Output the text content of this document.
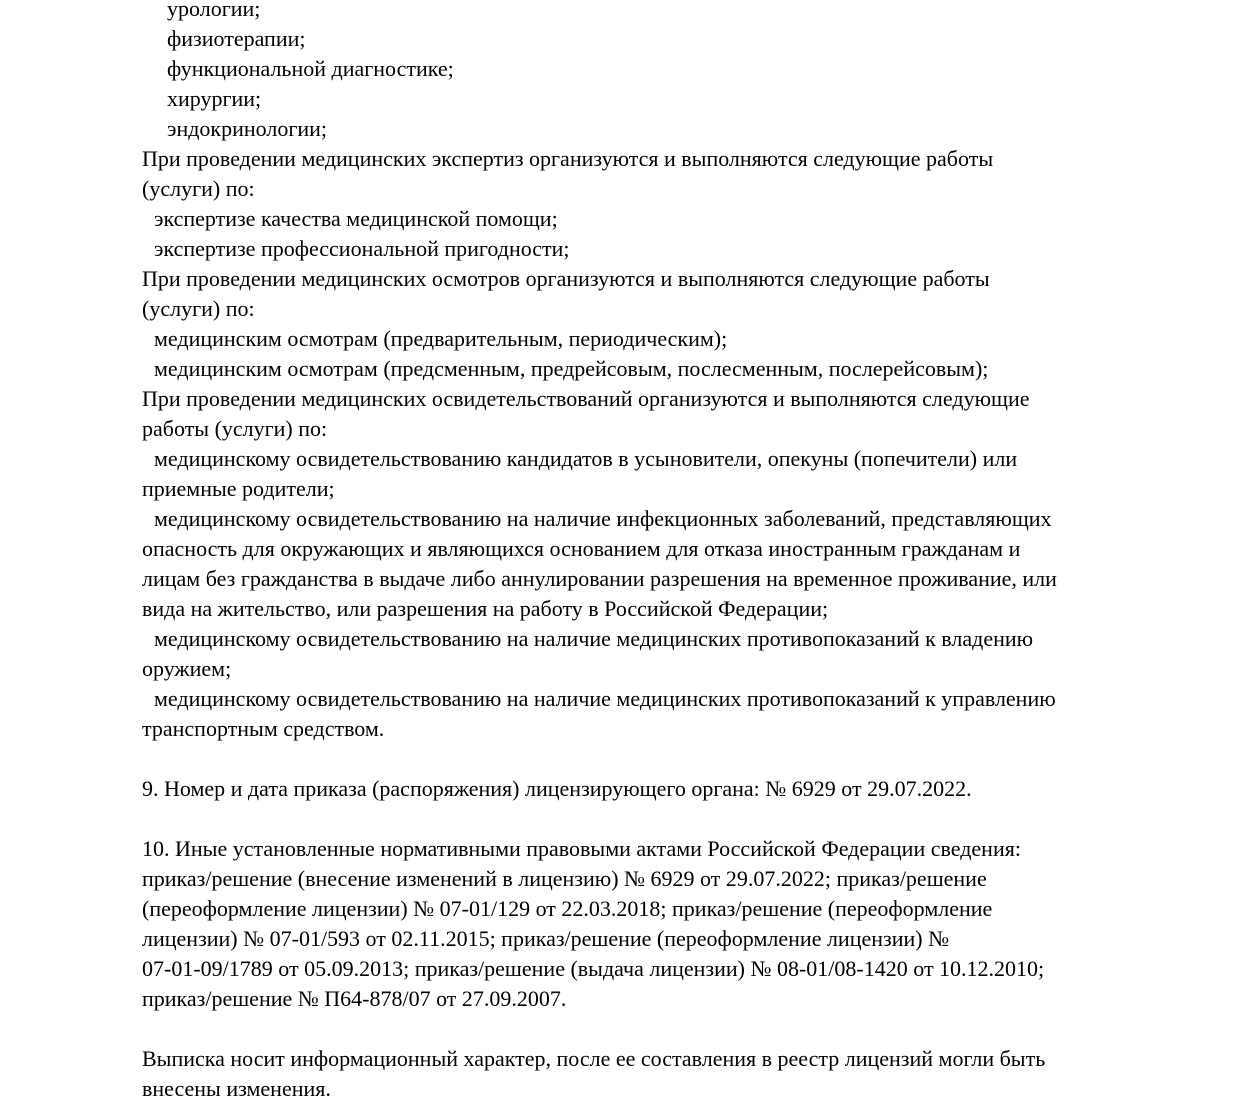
урологии;
физиотерапии;
функциональной диагностике;
хирургии;
эндокринологии;
При проведении медицинских экспертиз организуются и выполняются следующие работы
(услуги) по:
экспертизе качества медицинской помощи;
экспертизе профессиональной пригодности;
При проведении медицинских осмотров организуются и выполняются следующие работы
(услуги) по:
медицинским осмотрам (предварительным, периодическим);
медицинским осмотрам (предсменным, предрейсовым, послесменным, послерейсовым);
При проведении медицинских освидетельствований организуются и выполняются следующие
работы (услуги) по:
медицинскому освидетельствованию кандидатов в усыновители, опекуны (попечители) или
приемные родители;
медицинскому освидетельствованию на наличие инфекционных заболеваний, представляющих
опасность для окружающих и являющихся основанием для отказа иностранным гражданам и
лицам без гражданства в выдаче либо аннулировании разрешения на временное проживание, или
вида на жительство, или разрешения на работу в Российской Федерации;
медицинскому освидетельствованию на наличие медицинских противопоказаний к владению
оружием;
медицинскому освидетельствованию на наличие медицинских противопоказаний к управлению
транспортным средством.
9. Номер и дата приказа (распоряжения) лицензирующего органа: № 6929 от 29.07.2022.
10. Иные установленные нормативными правовыми актами Российской Федерации сведения:
приказ/решение (внесение изменений в лицензию) № 6929 от 29.07.2022; приказ/решение
(переоформление лицензии) № 07-01/129 от 22.03.2018; приказ/решение (переоформление
лицензии) № 07-01/593 от 02.11.2015; приказ/решение (переоформление лицензии) №
07-01-09/1789 от 05.09.2013; приказ/решение (выдача лицензии) № 08-01/08-1420 от 10.12.2010;
приказ/решение № П64-878/07 от 27.09.2007.
Выписка носит информационный характер, после ее составления в реестр лицензий могли быть
внесены изменения.
